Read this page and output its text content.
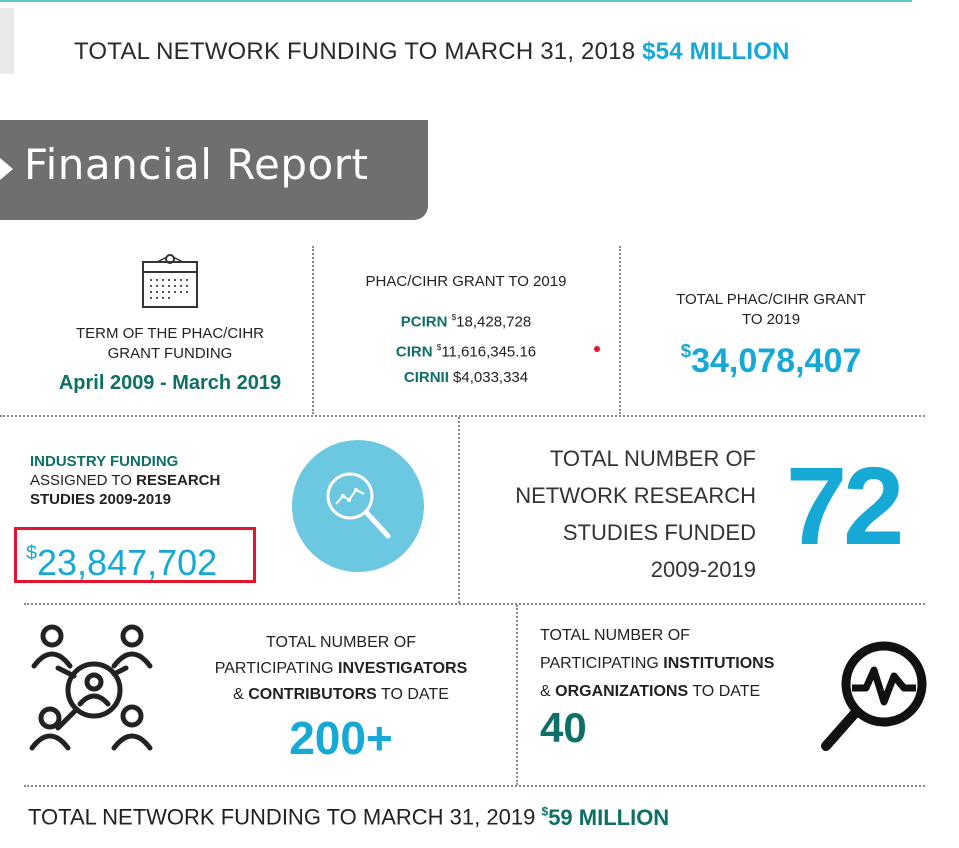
TOTAL NETWORK FUNDING TO MARCH 31, 2018 $54 MILLION
Financial Report
TERM OF THE PHAC/CIHR
GRANT FUNDING
April 2009 - March 2019
PHAC/CIHR GRANT TO 2019
PCIRN $18,428,728
CIRN $11,616,345.16
CIRNII $4,033,334
TOTAL PHAC/CIHR GRANT
TO 2019
$34,078,407
INDUSTRY FUNDING
ASSIGNED TO RESEARCH
STUDIES 2009-2019
$23,847,702
TOTAL NUMBER OF
NETWORK RESEARCH
STUDIES FUNDED
2009-2019
72
TOTAL NUMBER OF
PARTICIPATING INVESTIGATORS
& CONTRIBUTORS TO DATE
200+
TOTAL NUMBER OF
PARTICIPATING INSTITUTIONS
& ORGANIZATIONS TO DATE
40
TOTAL NETWORK FUNDING TO MARCH 31, 2019 $59 MILLION
